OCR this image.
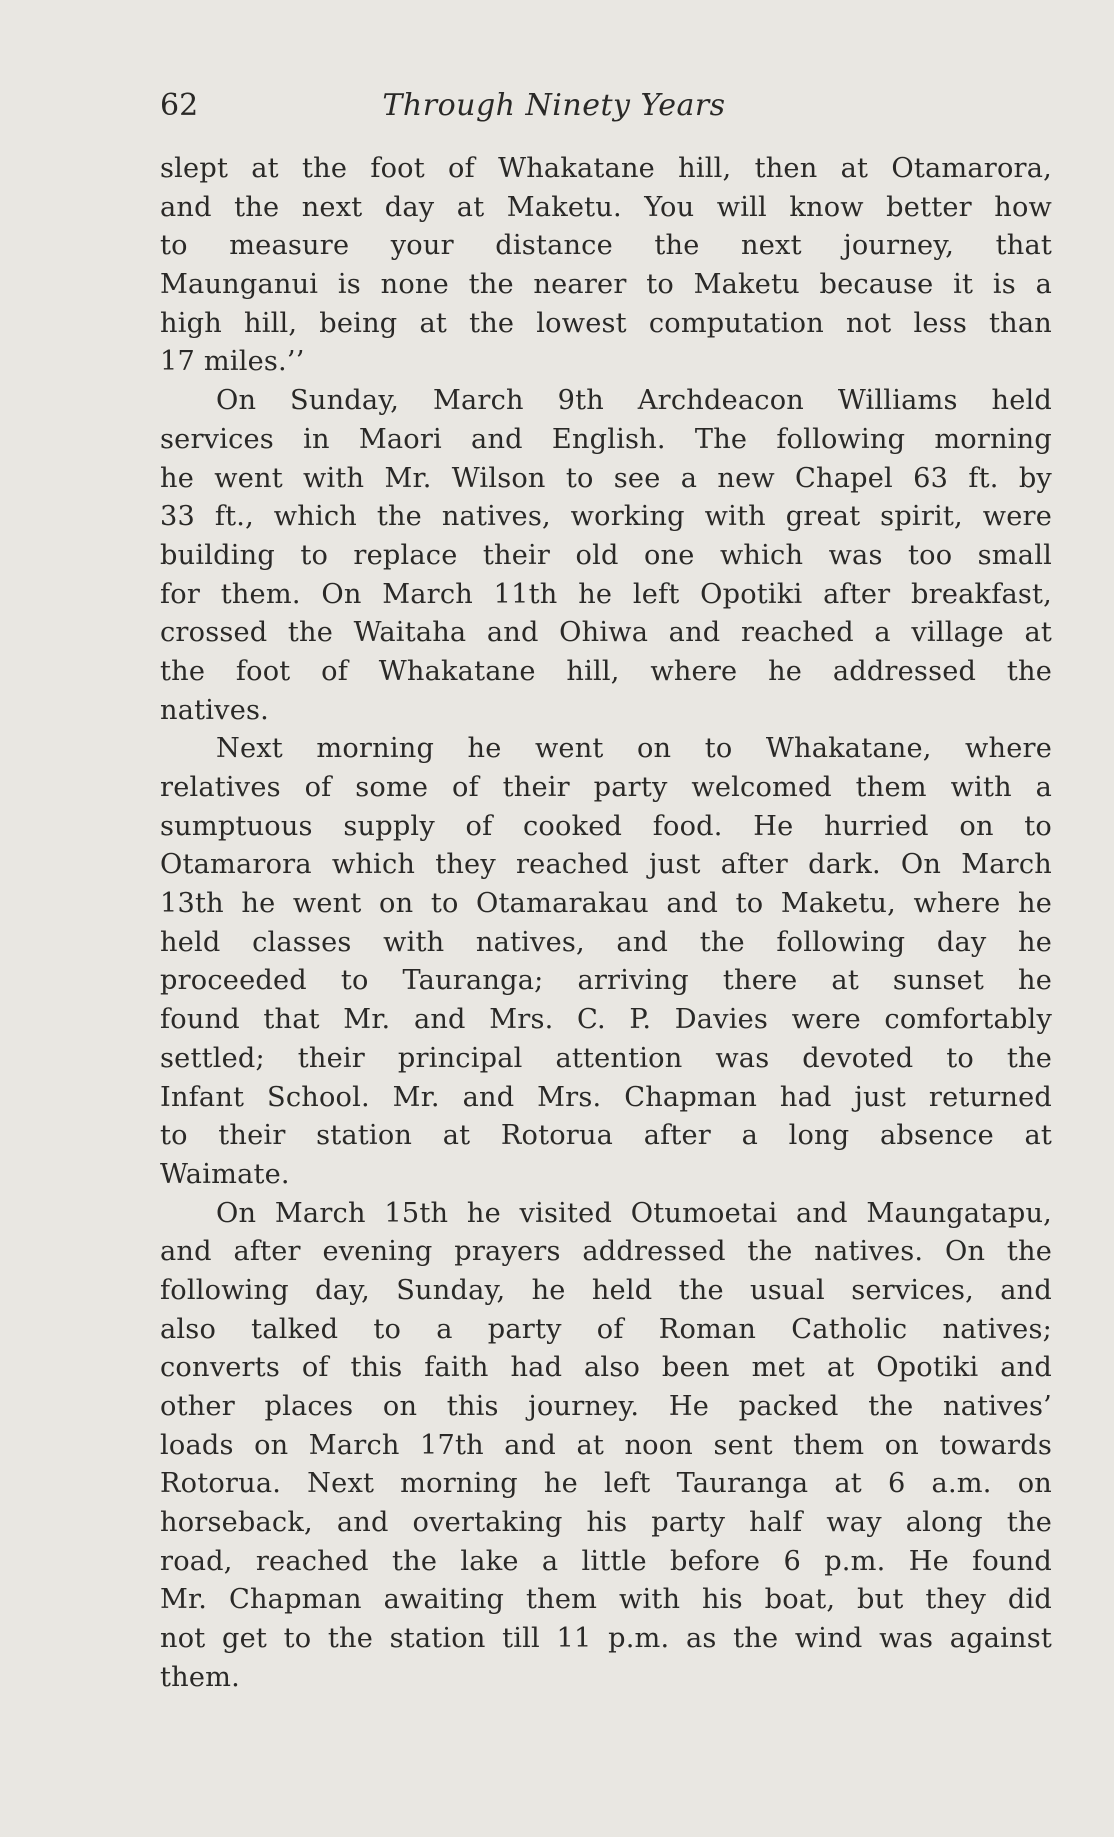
62	Through Ninety Years
slept at the foot of Whakatane hill, then at Otamarora,
and the next day at Maketu. You will know better how
to measure your distance the next journey, that
Maunganui is none the nearer to Maketu because it is a
high hill, being at the lowest computation not less than
17 miles.’’
On Sunday, March 9th Archdeacon Williams held
services in Maori and English. The following morning
he went with Mr. Wilson to see a new Chapel 63 ft. by
33 ft., which the natives, working with great spirit, were
building to replace their old one which was too small
for them. On March 11th he left Opotiki after breakfast,
crossed the Waitaha and Ohiwa and reached a village at
the foot of Whakatane hill, where he addressed the
natives.
Next morning he went on to Whakatane, where
relatives of some of their party welcomed them with a
sumptuous supply of cooked food. He hurried on to
Otamarora which they reached just after dark. On March
13th he went on to Otamarakau and to Maketu, where he
held classes with natives, and the following day he
proceeded to Tauranga; arriving there at sunset he
found that Mr. and Mrs. C. P. Davies were comfortably
settled; their principal attention was devoted to the
Infant School. Mr. and Mrs. Chapman had just returned
to their station at Rotorua after a long absence at
Waimate.
On March 15th he visited Otumoetai and Maungatapu,
and after evening prayers addressed the natives. On the
following day, Sunday, he held the usual services, and
also talked to a party of Roman Catholic natives;
converts of this faith had also been met at Opotiki and
other places on this journey. He packed the natives’
loads on March 17th and at noon sent them on towards
Rotorua. Next morning he left Tauranga at 6 a.m. on
horseback, and overtaking his party half way along the
road, reached the lake a little before 6 p.m. He found
Mr. Chapman awaiting them with his boat, but they did
not get to the station till 11 p.m. as the wind was against
them.
